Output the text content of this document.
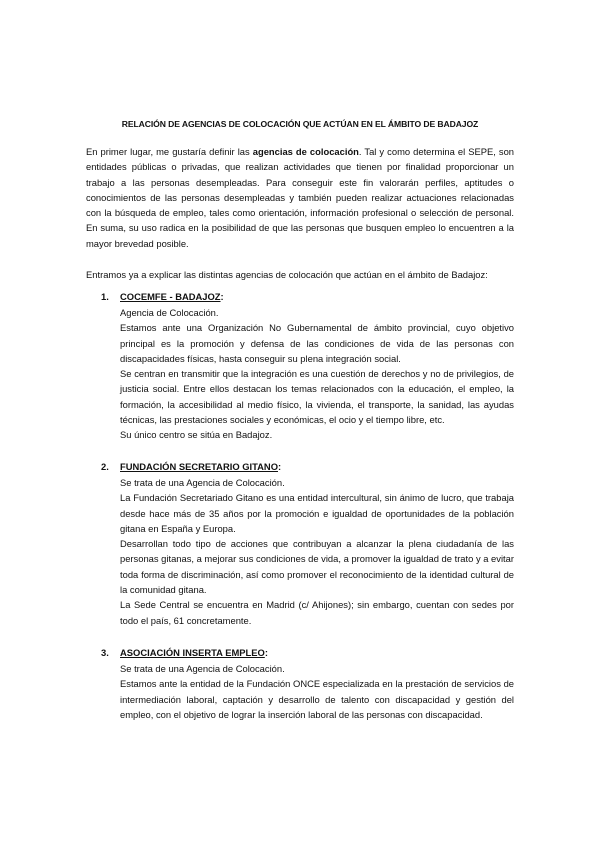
RELACIÓN DE AGENCIAS DE COLOCACIÓN QUE ACTÚAN EN EL ÁMBITO DE BADAJOZ
En primer lugar, me gustaría definir las agencias de colocación. Tal y como determina el SEPE, son entidades públicas o privadas, que realizan actividades que tienen por finalidad proporcionar un trabajo a las personas desempleadas. Para conseguir este fin valorarán perfiles, aptitudes o conocimientos de las personas desempleadas y también pueden realizar actuaciones relacionadas con la búsqueda de empleo, tales como orientación, información profesional o selección de personal. En suma, su uso radica en la posibilidad de que las personas que busquen empleo lo encuentren a la mayor brevedad posible.
Entramos ya a explicar las distintas agencias de colocación que actúan en el ámbito de Badajoz:
1. COCEMFE - BADAJOZ:

Agencia de Colocación.

Estamos ante una Organización No Gubernamental de ámbito provincial, cuyo objetivo principal es la promoción y defensa de las condiciones de vida de las personas con discapacidades físicas, hasta conseguir su plena integración social.

Se centran en transmitir que la integración es una cuestión de derechos y no de privilegios, de justicia social. Entre ellos destacan los temas relacionados con la educación, el empleo, la formación, la accesibilidad al medio físico, la vivienda, el transporte, la sanidad, las ayudas técnicas, las prestaciones sociales y económicas, el ocio y el tiempo libre, etc.

Su único centro se sitúa en Badajoz.

2. FUNDACIÓN SECRETARIO GITANO:

Se trata de una Agencia de Colocación.

La Fundación Secretariado Gitano es una entidad intercultural, sin ánimo de lucro, que trabaja desde hace más de 35 años por la promoción e igualdad de oportunidades de la población gitana en España y Europa.

Desarrollan todo tipo de acciones que contribuyan a alcanzar la plena ciudadanía de las personas gitanas, a mejorar sus condiciones de vida, a promover la igualdad de trato y a evitar toda forma de discriminación, así como promover el reconocimiento de la identidad cultural de la comunidad gitana.

La Sede Central se encuentra en Madrid (c/ Ahijones); sin embargo, cuentan con sedes por todo el país, 61 concretamente.

3. ASOCIACIÓN INSERTA EMPLEO:

Se trata de una Agencia de Colocación.

Estamos ante la entidad de la Fundación ONCE especializada en la prestación de servicios de intermediación laboral, captación y desarrollo de talento con discapacidad y gestión del empleo, con el objetivo de lograr la inserción laboral de las personas con discapacidad.
